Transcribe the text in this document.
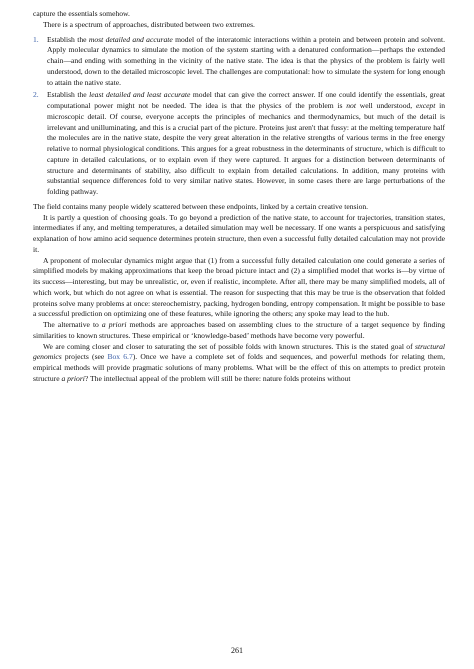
capture the essentials somehow.

There is a spectrum of approaches, distributed between two extremes.

1.	Establish the most detailed and accurate model of the interatomic interactions within a protein and between protein and solvent. Apply molecular dynamics to simulate the motion of the system starting with a denatured conformation—perhaps the extended chain—and ending with something in the vicinity of the native state. The idea is that the physics of the problem is fairly well understood, down to the detailed microscopic level. The challenges are computational: how to simulate the system for long enough to attain the native state.

2.	Establish the least detailed and least accurate model that can give the correct answer. If one could identify the essentials, great computational power might not be needed. The idea is that the physics of the problem is not well understood, except in microscopic detail. Of course, everyone accepts the principles of mechanics and thermodynamics, but much of the detail is irrelevant and unilluminating, and this is a crucial part of the picture. Proteins just aren't that fussy: at the melting temperature half the molecules are in the native state, despite the very great alteration in the relative strengths of various terms in the free energy relative to normal physiological conditions. This argues for a great robustness in the determinants of structure, which is difficult to capture in detailed calculations, or to explain even if they were captured. It argues for a distinction between determinants of structure and determinants of stability, also difficult to explain from detailed calculations. In addition, many proteins with substantial sequence differences fold to very similar native states. However, in some cases there are large perturbations of the folding pathway.

The field contains many people widely scattered between these endpoints, linked by a certain creative tension.

It is partly a question of choosing goals. To go beyond a prediction of the native state, to account for trajectories, transition states, intermediates if any, and melting temperatures, a detailed simulation may well be necessary. If one wants a perspicuous and satisfying explanation of how amino acid sequence determines protein structure, then even a successful fully detailed calculation may not provide it.

A proponent of molecular dynamics might argue that (1) from a successful fully detailed calculation one could generate a series of simplified models by making approximations that keep the broad picture intact and (2) a simplified model that works is—by virtue of its success—interesting, but may be unrealistic, or, even if realistic, incomplete. After all, there may be many simplified models, all of which work, but which do not agree on what is essential. The reason for suspecting that this may be true is the observation that folded proteins solve many problems at once: stereochemistry, packing, hydrogen bonding, entropy compensation. It might be possible to base a successful prediction on optimizing one of these features, while ignoring the others; any spoke may lead to the hub.

The alternative to a priori methods are approaches based on assembling clues to the structure of a target sequence by finding similarities to known structures. These empirical or ‘knowledge-based’ methods have become very powerful.

We are coming closer and closer to saturating the set of possible folds with known structures. This is the stated goal of structural genomics projects (see Box 6.7). Once we have a complete set of folds and sequences, and powerful methods for relating them, empirical methods will provide pragmatic solutions of many problems. What will be the effect of this on attempts to predict protein structure a priori? The intellectual appeal of the problem will still be there: nature folds proteins without

261
